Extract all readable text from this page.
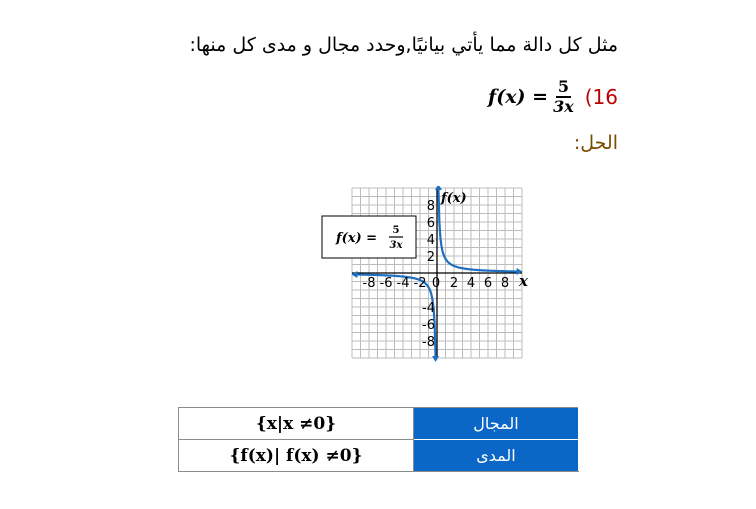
مثل كل دالة مما يأتي بيانيًا,وحدد مجال و مدى كل منها:
$f(x) = \frac{5}{3x} (16$
الحل:
-8 -6 -4 -2 0 2 4 6 8
8
6
4
2
-4
-6
-8
x
f(x)
f(x) =
5
3x
{x|x ≠0}	المجال
{f(x)| f(x) ≠0}	المدى
